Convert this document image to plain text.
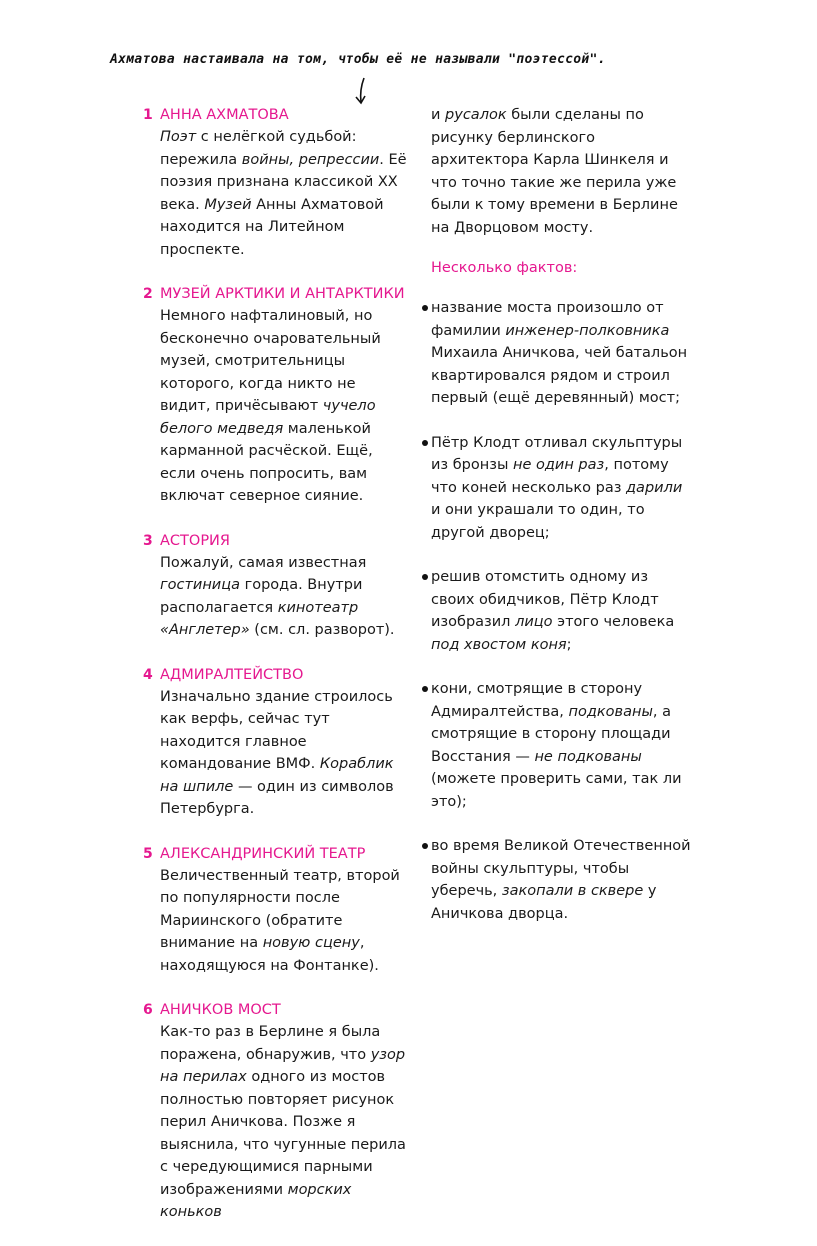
Ахматова настаивала на том, чтобы её не называли "поэтессой".
1 АННА АХМАТОВА
Поэт с нелёгкой судьбой: пережила войны, репрессии. Её поэзия признана классикой XX века. Музей Анны Ахматовой находится на Литейном проспекте.
2 МУЗЕЙ АРКТИКИ И АНТАРКТИКИ
Немного нафталиновый, но бесконечно очаровательный музей, смотрительницы которого, когда никто не видит, причёсывают чучело белого медведя маленькой карманной расчёской. Ещё, если очень попросить, вам включат северное сияние.
3 АСТОРИЯ
Пожалуй, самая известная гостиница города. Внутри располагается кинотеатр «Англетер» (см. сл. разворот).
4 АДМИРАЛТЕЙСТВО
Изначально здание строилось как верфь, сейчас тут находится главное командование ВМФ. Кораблик на шпиле — один из символов Петербурга.
5 АЛЕКСАНДРИНСКИЙ ТЕАТР
Величественный театр, второй по популярности после Мариинского (обратите внимание на новую сцену, находящуюся на Фонтанке).
6 АНИЧКОВ МОСТ
Как-то раз в Берлине я была поражена, обнаружив, что узор на перилах одного из мостов полностью повторяет рисунок перил Аничкова. Позже я выяснила, что чугунные перила с чередующимися парными изображениями морских коньков
и русалок были сделаны по рисунку берлинского архитектора Карла Шинкеля и что точно такие же перила уже были к тому времени в Берлине на Дворцовом мосту.
Несколько фактов:
название моста произошло от фамилии инженер-полковника Михаила Аничкова, чей батальон квартировался рядом и строил первый (ещё деревянный) мост;
Пётр Клодт отливал скульптуры из бронзы не один раз, потому что коней несколько раз дарили и они украшали то один, то другой дворец;
решив отомстить одному из своих обидчиков, Пётр Клодт изобразил лицо этого человека под хвостом коня;
кони, смотрящие в сторону Адмиралтейства, подкованы, а смотрящие в сторону площади Восстания — не подкованы (можете проверить сами, так ли это);
во время Великой Отечественной войны скульптуры, чтобы уберечь, закопали в сквере у Аничкова дворца.
